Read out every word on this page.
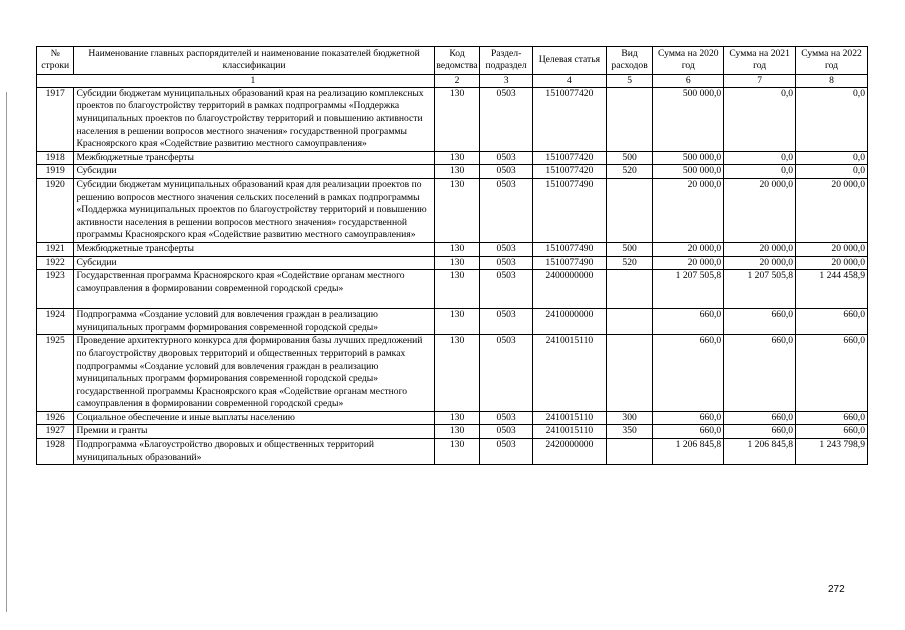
№ строки	Наименование главных распорядителей и наименование показателей бюджетной классификации	Код ведомства	Раздел-подраздел	Целевая статья	Вид расходов	Сумма на 2020 год	Сумма на 2021 год	Сумма на 2022 год
1		2	3	4	5	6	7	8
1917	Субсидии бюджетам муниципальных образований края на реализацию комплексных проектов по благоустройству территорий в рамках подпрограммы «Поддержка муниципальных проектов по благоустройству территорий и повышению активности населения в решении вопросов местного значения» государственной программы Красноярского края «Содействие развитию местного самоуправления»	130	0503	1510077420		500 000,0	0,0	0,0
1918	Межбюджетные трансферты	130	0503	1510077420	500	500 000,0	0,0	0,0
1919	Субсидии	130	0503	1510077420	520	500 000,0	0,0	0,0
1920	Субсидии бюджетам муниципальных образований края для реализации проектов по решению вопросов местного значения сельских поселений в рамках подпрограммы «Поддержка муниципальных проектов по благоустройству территорий и повышению активности населения в решении вопросов местного значения» государственной программы Красноярского края «Содействие развитию местного самоуправления»	130	0503	1510077490		20 000,0	20 000,0	20 000,0
1921	Межбюджетные трансферты	130	0503	1510077490	500	20 000,0	20 000,0	20 000,0
1922	Субсидии	130	0503	1510077490	520	20 000,0	20 000,0	20 000,0
1923	Государственная программа Красноярского края «Содействие органам местного самоуправления в формировании современной городской среды»	130	0503	2400000000		1 207 505,8	1 207 505,8	1 244 458,9
1924	Подпрограмма «Создание условий для вовлечения граждан в реализацию муниципальных программ формирования современной городской среды»	130	0503	2410000000		660,0	660,0	660,0
1925	Проведение архитектурного конкурса для формирования базы лучших предложений по благоустройству дворовых территорий и общественных территорий в рамках подпрограммы «Создание условий для вовлечения граждан в реализацию муниципальных программ формирования современной городской среды» государственной программы Красноярского края «Содействие органам местного самоуправления в формировании современной городской среды»	130	0503	2410015110		660,0	660,0	660,0
1926	Социальное обеспечение и иные выплаты населению	130	0503	2410015110	300	660,0	660,0	660,0
1927	Премии и гранты	130	0503	2410015110	350	660,0	660,0	660,0
1928	Подпрограмма «Благоустройство дворовых и общественных территорий муниципальных образований»	130	0503	2420000000		1 206 845,8	1 206 845,8	1 243 798,9
272
